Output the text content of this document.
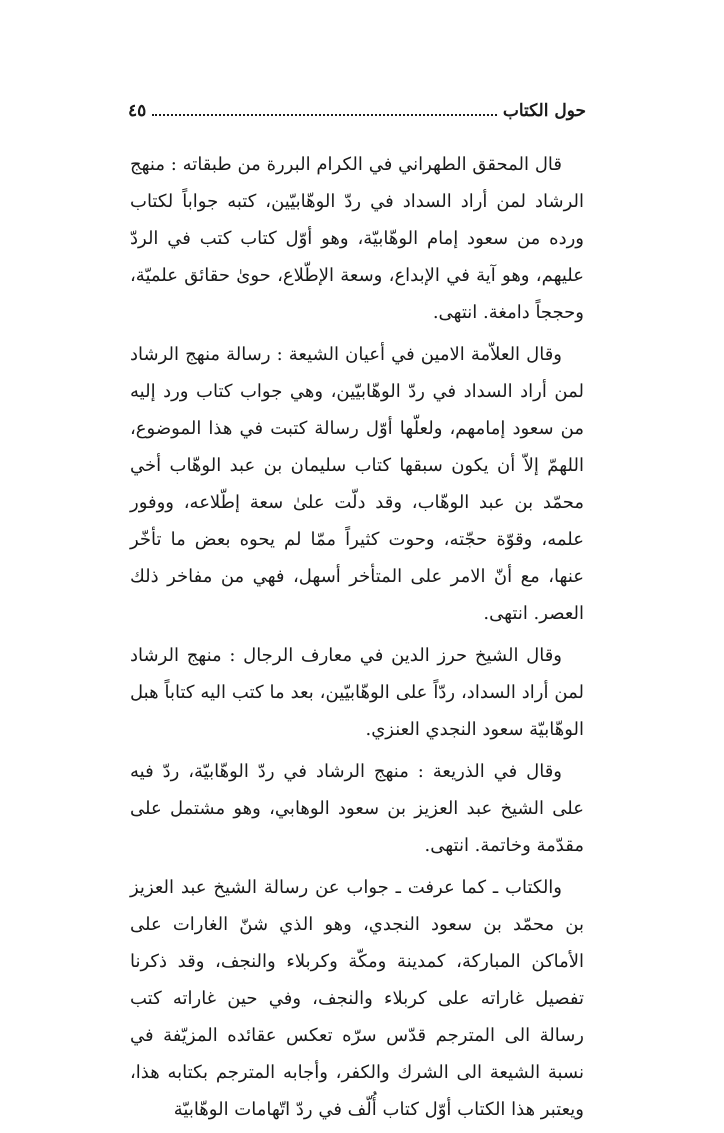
حول الكتاب
٤٥

قال المحقق الطهراني في الكرام البررة من طبقاته : منهج الرشاد لمن أراد السداد في ردّ الوهّابيّين، كتبه جواباً لكتاب ورده من سعود إمام الوهّابيّة، وهو أوّل كتاب كتب في الردّ عليهم، وهو آية في الإبداع، وسعة الإطّلاع، حوىٰ حقائق علميّة، وحججاً دامغة. انتهى.

وقال العلاّمة الامين في أعيان الشيعة : رسالة منهج الرشاد لمن أراد السداد في ردّ الوهّابيّين، وهي جواب كتاب ورد إليه من سعود إمامهم، ولعلّها أوّل رسالة كتبت في هذا الموضوع، اللهمّ إلاّ أن يكون سبقها كتاب سليمان بن عبد الوهّاب أخي محمّد بن عبد الوهّاب، وقد دلّت علىٰ سعة إطّلاعه، ووفور علمه، وقوّة حجّته، وحوت كثيراً ممّا لم يحوه بعض ما تأخّر عنها، مع أنّ الامر على المتأخر أسهل، فهي من مفاخر ذلك العصر. انتهى.

وقال الشيخ حرز الدين في معارف الرجال : منهج الرشاد لمن أراد السداد، ردّاً على الوهّابيّين، بعد ما كتب اليه كتاباً هبل الوهّابيّة سعود النجدي العنزي.

وقال في الذريعة : منهج الرشاد في ردّ الوهّابيّة، ردّ فيه على الشيخ عبد العزيز بن سعود الوهابي، وهو مشتمل على مقدّمة وخاتمة. انتهى.

والكتاب ـ كما عرفت ـ جواب عن رسالة الشيخ عبد العزيز بن محمّد بن سعود النجدي، وهو الذي شنّ الغارات على الأماكن المباركة، كمدينة ومكّة وكربلاء والنجف، وقد ذكرنا تفصيل غاراته على كربلاء والنجف، وفي حين غاراته كتب رسالة الى المترجم قدّس سرّه تعكس عقائده المزيّفة في نسبة الشيعة الى الشرك والكفر، وأجابه المترجم بكتابه هذا، ويعتبر هذا الكتاب أوّل كتاب أُلّف في ردّ اتّهامات الوهّابيّة
